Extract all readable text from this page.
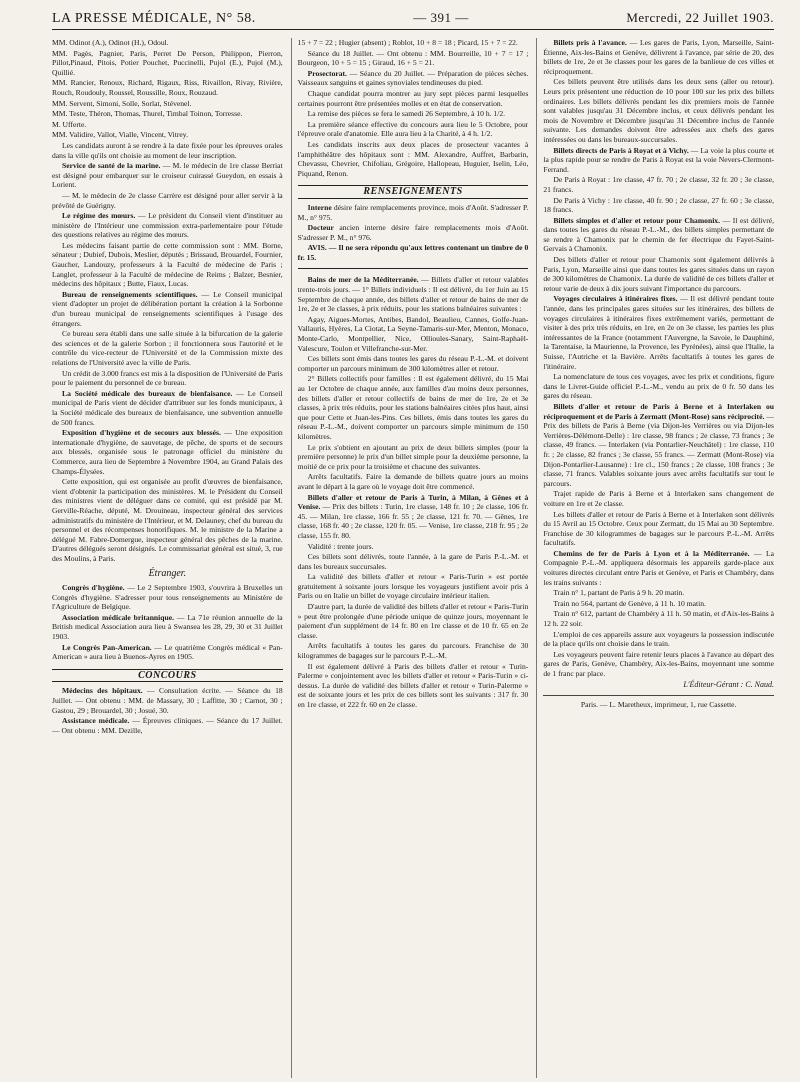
LA PRESSE MÉDICALE, N° 58.	— 391 —	Mercredi, 22 Juillet 1903.

MM. Odinot (A.), Odinot (H.), Odoul.

MM. Pagès, Pagnier, Paris, Perret De Person, Philippon, Pierron, Pillot,Pinaud, Pitois, Potier Pouchet, Puccinelli, Pujol (E.), Pujol (M.), Quillié.

MM. Rancier, Renoux, Richard, Rigaux, Riss, Rivaillon, Rivay, Rivière, Rouch, Roudouly, Roussel, Roussille, Roux, Rouzaud.

MM. Servent, Simoni, Solle, Sorlat, Stévenel.

MM. Teste, Théron, Thomas, Thurel, Timbal Toinon, Torresse.

M. Ufferte.

MM. Validire, Vallot, Vialle, Vincent, Vitrey.

Les candidats auront à se rendre à la date fixée pour les épreuves orales dans la ville qu'ils ont choisie au moment de leur inscription.

Service de santé de la marine. — M. le médecin de 1re classe Berriat est désigné pour embarquer sur le croiseur cuirassé Gueydon, en essais à Lorient.

— M. le médecin de 2e classe Carrère est désigné pour aller servir à la prévôté de Guérigny.

Le régime des mœurs. — Le président du Conseil vient d'instituer au ministère de l'Intérieur une commission extra-parlementaire pour l'étude des questions relatives au régime des mœurs.

Les médecins faisant partie de cette commission sont : MM. Borne, sénateur ; Dubief, Dubois, Meslier, députés ; Brissaud, Brouardel, Fournier, Gaucher, Landouzy, professeurs à la Faculté de médecine de Paris ; Langlet, professeur à la Faculté de médecine de Reims ; Balzer, Besnier, médecins des hôpitaux ; Butte, Fiaux, Lucas.

Bureau de renseignements scientifiques. — Le Conseil municipal vient d'adopter un projet de délibération portant la création à la Sorbonne d'un bureau municipal de renseignements scientifiques à l'usage des étrangers.

Ce bureau sera établi dans une salle située à la bifurcation de la galerie des sciences et de la galerie Sorbon ; il fonctionnera sous l'autorité et le contrôle du vice-recteur de l'Université et de la Commission mixte des relations de l'Université avec la ville de Paris.

Un crédit de 3.000 francs est mis à la disposition de l'Université de Paris pour le paiement du personnel de ce bureau.

La Société médicale des bureaux de bienfaisance. — Le Conseil municipal de Paris vient de décider d'attribuer sur les fonds municipaux, à la Société médicale des bureaux de bienfaisance, une subvention annuelle de 500 francs.

Exposition d'hygiène et de secours aux blessés. — Une exposition internationale d'hygiène, de sauvetage, de pêche, de sports et de secours aux blessés, organisée sous le patronage officiel du ministère du Commerce, aura lieu de Septembre à Novembre 1904, au Grand Palais des Champs-Élysées.

Cette exposition, qui est organisée au profit d'œuvres de bienfaisance, vient d'obtenir la participation des ministères. M. le Président du Conseil des ministres vient de déléguer dans ce comité, qui est présidé par M. Gerville-Réache, député, M. Drouineau, inspecteur général des services administratifs du ministère de l'Intérieur, et M. Delauney, chef du bureau du personnel et des récompenses honorifiques. M. le ministre de la Marine a délégué M. Fabre-Domergue, inspecteur général des pêches de la marine. D'autres délégués seront désignés. Le commissariat général est situé, 3, rue des Moulins, à Paris.

Étranger.

Congrès d'hygiène. — Le 2 Septembre 1903, s'ouvrira à Bruxelles un Congrès d'hygiène. S'adresser pour tous renseignements au Ministère de l'Agriculture de Belgique.

Association médicale britannique. — La 71e réunion annuelle de la British medical Association aura lieu à Swansea les 28, 29, 30 et 31 Juillet 1903.

Le Congrès Pan-American. — Le quatrième Congrès médical « Pan-American » aura lieu à Buenos-Ayres en 1905.

CONCOURS

Médecins des hôpitaux. — Consultation écrite. — Séance du 18 Juillet. — Ont obtenu : MM. de Massary, 30 ; Laffitte, 30 ; Carnot, 30 ; Gastou, 29 ; Brouardel, 30 ; Josué, 30.

Assistance médicale. — Épreuves cliniques. — Séance du 17 Juillet. — Ont obtenu : MM. Dezille,

15 + 7 = 22 ; Hugier (absent) ; Roblot, 10 + 8 = 18 ; Picard, 15 + 7 = 22.

Séance du 18 Juillet. — Ont obtenu : MM. Bourreille, 10 + 7 = 17 ; Bourgeon, 10 + 5 = 15 ; Giraud, 16 + 5 = 21.

Prosectorat. — Séance du 20 Juillet. — Préparation de pièces sèches. Vaisseaux sanguins et gaines synoviales tendineuses du pied.

Chaque candidat pourra montrer au jury sept pièces parmi lesquelles certaines pourront être présentées molles et en état de conservation.

La remise des pièces se fera le samedi 26 Septembre, à 10 h. 1/2.

La première séance effective du concours aura lieu le 5 Octobre, pour l'épreuve orale d'anatomie. Elle aura lieu à la Charité, à 4 h. 1/2.

Les candidats inscrits aux deux places de prosecteur vacantes à l'amphithéâtre des hôpitaux sont : MM. Alexandre, Auffret, Barbarin, Chevassu, Chevrier, Chifoliau, Grégoire, Hallopeau, Huguier, Iselin, Léo, Piquand, Renon.

RENSEIGNEMENTS

Interne désire faire remplacements province, mois d'Août. S'adresser P. M., n° 975.

Docteur ancien interne désire faire remplacements mois d'Août. S'adresser P. M., n° 976.

AVIS. — Il ne sera répondu qu'aux lettres contenant un timbre de 0 fr. 15.

Bains de mer de la Méditerranée. — Billets d'aller et retour valables trente-trois jours. — 1° Billets individuels : Il est délivré, du 1er Juin au 15 Septembre de chaque année, des billets d'aller et retour de bains de mer de 1re, 2e et 3e classes, à prix réduits, pour les stations balnéaires suivantes :

Agay, Aigues-Mortes, Antibes, Bandol, Beaulieu, Cannes, Golfe-Juan-Vallauris, Hyères, La Ciotat, La Seyne-Tamaris-sur-Mer, Menton, Monaco, Monte-Carlo, Montpellier, Nice, Ollioules-Sanary, Saint-Raphaël-Valescure, Toulon et Villefranche-sur-Mer.

Ces billets sont émis dans toutes les gares du réseau P.-L.-M. et doivent comporter un parcours minimum de 300 kilomètres aller et retour.

2° Billets collectifs pour familles : Il est également délivré, du 15 Mai au 1er Octobre de chaque année, aux familles d'au moins deux personnes, des billets d'aller et retour collectifs de bains de mer de 1re, 2e et 3e classes, à prix très réduits, pour les stations balnéaires citées plus haut, ainsi que pour Cette et Juan-les-Pins. Ces billets, émis dans toutes les gares du réseau P.-L.-M., doivent comporter un parcours simple minimum de 150 kilomètres.

Le prix s'obtient en ajoutant au prix de deux billets simples (pour la première personne) le prix d'un billet simple pour la deuxième personne, la moitié de ce prix pour la troisième et chacune des suivantes.

Arrêts facultatifs. Faire la demande de billets quatre jours au moins avant le départ à la gare où le voyage doit être commencé.

Billets d'aller et retour de Paris à Turin, à Milan, à Gênes et à Venise. — Prix des billets : Turin, 1re classe, 148 fr. 10 ; 2e classe, 106 fr. 45. — Milan, 1re classe, 166 fr. 55 ; 2e classe, 121 fr. 70. — Gênes, 1re classe, 168 fr. 40 ; 2e classe, 120 fr. 05. — Venise, 1re classe, 218 fr. 95 ; 2e classe, 155 fr. 80.

Validité : trente jours.

Ces billets sont délivrés, toute l'année, à la gare de Paris P.-L.-M. et dans les bureaux succursales.

La validité des billets d'aller et retour « Paris-Turin » est portée gratuitement à soixante jours lorsque les voyageurs justifient avoir pris à Paris ou en Italie un billet de voyage circulaire intérieur italien.

D'autre part, la durée de validité des billets d'aller et retour « Paris-Turin » peut être prolongée d'une période unique de quinze jours, moyennant le paiement d'un supplément de 14 fr. 80 en 1re classe et de 10 fr. 65 en 2e classe.

Arrêts facultatifs à toutes les gares du parcours. Franchise de 30 kilogrammes de bagages sur le parcours P.-L.-M.

Il est également délivré à Paris des billets d'aller et retour « Turin-Palerme » conjointement avec les billets d'aller et retour « Paris-Turin » ci-dessus. La durée de validité des billets d'aller et retour « Turin-Palerme » est de soixante jours et les prix de ces billets sont les suivants : 317 fr. 30 en 1re classe, et 222 fr. 60 en 2e classe.

Billets pris à l'avance. — Les gares de Paris, Lyon, Marseille, Saint-Étienne, Aix-les-Bains et Genève, délivrent à l'avance, par série de 20, des billets de 1re, 2e et 3e classes pour les gares de la banlieue de ces villes et réciproquement.

Ces billets peuvent être utilisés dans les deux sens (aller ou retour). Leurs prix présentent une réduction de 10 pour 100 sur les prix des billets ordinaires. Les billets délivrés pendant les dix premiers mois de l'année sont valables jusqu'au 31 Décembre inclus, et ceux délivrés pendant les mois de Novembre et Décembre jusqu'au 31 Décembre inclus de l'année suivante. Les demandes doivent être adressées aux chefs des gares intéressées ou dans les bureaux-succursales.

Billets directs de Paris à Royat et à Vichy. — La voie la plus courte et la plus rapide pour se rendre de Paris à Royat est la voie Nevers-Clermont-Ferrand.

De Paris à Royat : 1re classe, 47 fr. 70 ; 2e classe, 32 fr. 20 ; 3e classe, 21 francs.

De Paris à Vichy : 1re classe, 40 fr. 90 ; 2e classe, 27 fr. 60 ; 3e classe, 18 francs.

Billets simples et d'aller et retour pour Chamonix. — Il est délivré, dans toutes les gares du réseau P.-L.-M., des billets simples permettant de se rendre à Chamonix par le chemin de fer électrique du Fayet-Saint-Gervais à Chamonix.

Des billets d'aller et retour pour Chamonix sont également délivrés à Paris, Lyon, Marseille ainsi que dans toutes les gares situées dans un rayon de 300 kilomètres de Chamonix. La durée de validité de ces billets d'aller et retour varie de deux à dix jours suivant l'importance du parcours.

Voyages circulaires à itinéraires fixes. — Il est délivré pendant toute l'année, dans les principales gares situées sur les itinéraires, des billets de voyages circulaires à itinéraires fixes extrêmement variés, permettant de visiter à des prix très réduits, en 1re, en 2e on 3e classe, les parties les plus intéressantes de la France (notamment l'Auvergne, la Savoie, le Dauphiné, la Tarentaise, la Maurienne, la Provence, les Pyrénées), ainsi que l'Italie, la Suisse, l'Autriche et la Bavière. Arrêts facultatifs à toutes les gares de l'itinéraire.

La nomenclature de tous ces voyages, avec les prix et conditions, figure dans le Livret-Guide officiel P.-L.-M., vendu au prix de 0 fr. 50 dans les gares du réseau.

Billets d'aller et retour de Paris à Berne et à Interlaken ou réciproquement et de Paris à Zermatt (Mont-Rose) sans réciprocité. — Prix des billets de Paris à Berne (via Dijon-les Verrières ou via Dijon-les Verrières-Délémont-Delle) : 1re classe, 98 francs ; 2e classe, 73 francs ; 3e classe, 49 francs. — Interlaken (via Pontarlier-Neuchâtel) : 1re classe, 110 fr. ; 2e classe, 82 francs ; 3e classe, 55 francs. — Zermatt (Mont-Rose) via Dijon-Pontarlier-Lausanne) : 1re cl., 150 francs ; 2e classe, 108 francs ; 3e classe, 71 francs. Valables soixante jours avec arrêts facultatifs sur tout le parcours.

Trajet rapide de Paris à Berne et à Interlaken sans changement de voiture en 1re et 2e classe.

Les billets d'aller et retour de Paris à Berne et à Interlaken sont délivrés du 15 Avril au 15 Octobre. Ceux pour Zermatt, du 15 Mai au 30 Septembre. Franchise de 30 kilogrammes de bagages sur le parcours P.-L.-M. Arrêts facultatifs.

Chemins de fer de Paris à Lyon et à la Méditerranée. — La Compagnie P.-L.-M. appliquera désormais les appareils garde-place aux voitures directes circulant entre Paris et Genève, et Paris et Chambéry, dans les trains suivants :

Train n° 1, partant de Paris à 9 h. 20 matin.

Train no 564, partant de Genève, à 11 h. 10 matin.

Train n° 612, partant de Chambéry à 11 h. 50 matin, et d'Aix-les-Bains à 12 h. 22 soir.

L'emploi de ces appareils assure aux voyageurs la possession indiscutée de la place qu'ils ont choisie dans le train.

Les voyageurs peuvent faire retenir leurs places à l'avance au départ des gares de Paris, Genève, Chambéry, Aix-les-Bains, moyennant une somme de 1 franc par place.

L'Éditeur-Gérant : C. Naud.

Paris. — L. Maretheux, imprimeur, 1, rue Cassette.
